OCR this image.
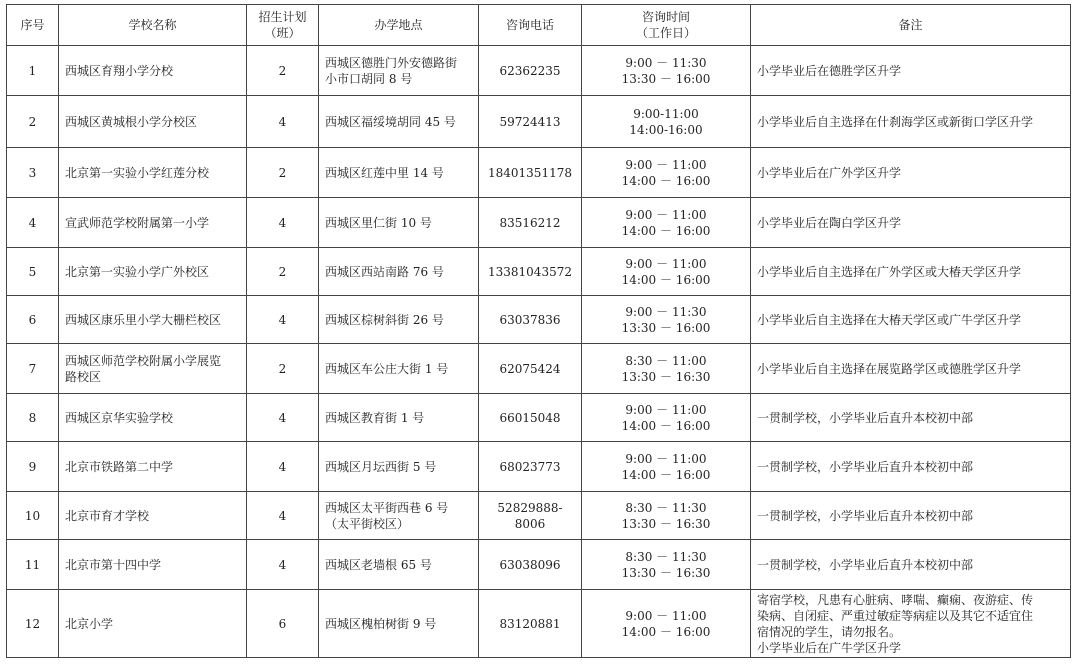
序号	学校名称	招生计划
（班）	办学地点	咨询电话	咨询时间
（工作日）	备注
1	西城区育翔小学分校	2	西城区德胜门外安德路街
小市口胡同 8 号	62362235	9:00 － 11:30
13:30 － 16:00	小学毕业后在德胜学区升学

2	西城区黄城根小学分校区	4	西城区福绥境胡同 45 号	59724413	9:00-11:00
14:00-16:00	小学毕业后自主选择在什刹海学区或新街口学区升学

3	北京第一实验小学红莲分校	2	西城区红莲中里 14 号	18401351178	9:00 － 11:00
14:00 － 16:00	小学毕业后在广外学区升学

4	宣武师范学校附属第一小学	4	西城区里仁街 10 号	83516212	9:00 － 11:00
14:00 － 16:00	小学毕业后在陶白学区升学

5	北京第一实验小学广外校区	2	西城区西站南路 76 号	13381043572	9:00 － 11:00
14:00 － 16:00	小学毕业后自主选择在广外学区或大椿天学区升学

6	西城区康乐里小学大栅栏校区	4	西城区棕树斜街 26 号	63037836	9:00 － 11:30
13:30 － 16:00	小学毕业后自主选择在大椿天学区或广牛学区升学

7	西城区师范学校附属小学展览
路校区	2	西城区车公庄大街 1 号	62075424	8:30 － 11:00
13:30 － 16:30	小学毕业后自主选择在展览路学区或德胜学区升学

8	西城区京华实验学校	4	西城区教育街 1 号	66015048	9:00 － 11:00
14:00 － 16:00	一贯制学校，小学毕业后直升本校初中部

9	北京市铁路第二中学	4	西城区月坛西街 5 号	68023773	9:00 － 11:00
14:00 － 16:00	一贯制学校，小学毕业后直升本校初中部

10	北京市育才学校	4	西城区太平街西巷 6 号
（太平街校区）	52829888-8006	8:30 － 11:30
13:30 － 16:30	一贯制学校，小学毕业后直升本校初中部

11	北京市第十四中学	4	西城区老墙根 65 号	63038096	8:30 － 11:30
13:30 － 16:30	一贯制学校，小学毕业后直升本校初中部

12	北京小学	6	西城区槐柏树街 9 号	83120881	9:00 － 11:00
14:00 － 16:00	寄宿学校，凡患有心脏病、哮喘、癫痫、夜游症、传
染病、自闭症、严重过敏症等病症以及其它不适宜住
宿情况的学生，请勿报名。
小学毕业后在广牛学区升学
